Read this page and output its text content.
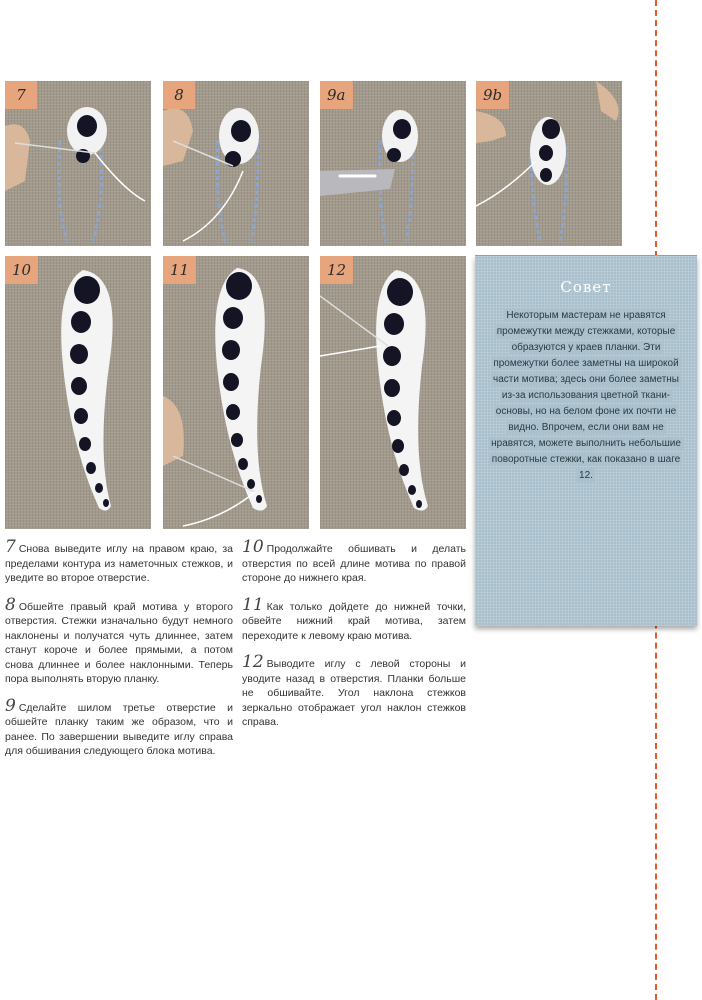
7	8	9a	9b
10	11	12
Совет
Некоторым мастерам не нравятся промежутки между стежками, которые образуются у краев планки. Эти промежутки более заметны на широкой части мотива; здесь они более заметны из-за использования цветной ткани-основы, но на белом фоне их почти не видно. Впрочем, если они вам не нравятся, можете выполнить небольшие поворотные стежки, как показано в шаге 12.

7 Снова выведите иглу на правом краю, за пределами контура из наметочных стежков, и уведите во второе отверстие.

8 Обшейте правый край мотива у второго отверстия. Стежки изначально будут немного наклонены и получатся чуть длиннее, затем станут короче и более прямыми, а потом снова длиннее и более наклонными. Теперь пора выполнять вторую планку.

9 Сделайте шилом третье отверстие и обшейте планку таким же образом, что и ранее. По завершении выведите иглу справа для обшивания следующего блока мотива.

10 Продолжайте обшивать и делать отверстия по всей длине мотива по правой стороне до нижнего края.

11 Как только дойдете до нижней точки, обвейте нижний край мотива, затем переходите к левому краю мотива.

12 Выводите иглу с левой стороны и уводите назад в отверстия. Планки больше не обшивайте. Угол наклона стежков зеркально отображает угол наклон стежков справа.
